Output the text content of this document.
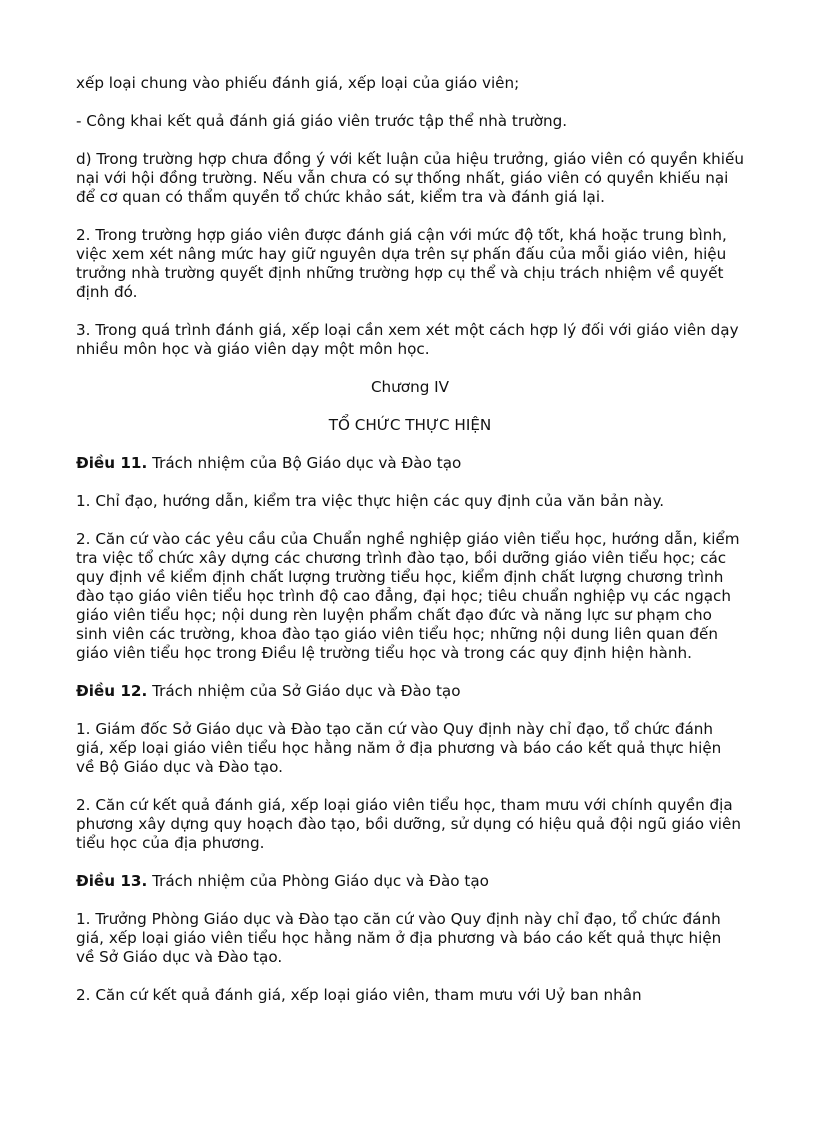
xếp loại chung vào phiếu đánh giá, xếp loại của giáo viên;

- Công khai kết quả đánh giá giáo viên trước tập thể nhà trường.

d) Trong trường hợp chưa đồng ý với kết luận của hiệu trưởng, giáo viên có quyền khiếu nại với hội đồng trường. Nếu vẫn chưa có sự thống nhất, giáo viên có quyền khiếu nại để cơ quan có thẩm quyền tổ chức khảo sát, kiểm tra và đánh giá lại.

2. Trong trường hợp giáo viên được đánh giá cận với mức độ tốt, khá hoặc trung bình, việc xem xét nâng mức hay giữ nguyên dựa trên sự phấn đấu của mỗi giáo viên, hiệu trưởng nhà trường quyết định những trường hợp cụ thể và chịu trách nhiệm về quyết định đó.

3. Trong quá trình đánh giá, xếp loại cần xem xét một cách hợp lý đối với giáo viên dạy nhiều môn học và giáo viên dạy một môn học.

Chương IV

TỔ CHỨC THỰC HIỆN

Điều 11. Trách nhiệm của Bộ Giáo dục và Đào tạo

1. Chỉ đạo, hướng dẫn, kiểm tra việc thực hiện các quy định của văn bản này.

2. Căn cứ vào các yêu cầu của Chuẩn nghề nghiệp giáo viên tiểu học, hướng dẫn, kiểm tra việc tổ chức xây dựng các chương trình đào tạo, bồi dưỡng giáo viên tiểu học; các quy định về kiểm định chất lượng trường tiểu học, kiểm định chất lượng chương trình đào tạo giáo viên tiểu học trình độ cao đẳng, đại học; tiêu chuẩn nghiệp vụ các ngạch giáo viên tiểu học; nội dung rèn luyện phẩm chất đạo đức và năng lực sư phạm cho sinh viên các trường, khoa đào tạo giáo viên tiểu học; những nội dung liên quan đến giáo viên tiểu học trong Điều lệ trường tiểu học và trong các quy định hiện hành.

Điều 12. Trách nhiệm của Sở Giáo dục và Đào tạo

1. Giám đốc Sở Giáo dục và Đào tạo căn cứ vào Quy định này chỉ đạo, tổ chức đánh giá, xếp loại giáo viên tiểu học hằng năm ở địa phương và báo cáo kết quả thực hiện về Bộ Giáo dục và Đào tạo.

2. Căn cứ kết quả đánh giá, xếp loại giáo viên tiểu học, tham mưu với chính quyền địa phương xây dựng quy hoạch đào tạo, bồi dưỡng, sử dụng có hiệu quả đội ngũ giáo viên tiểu học của địa phương.

Điều 13. Trách nhiệm của Phòng Giáo dục và Đào tạo

1. Trưởng Phòng Giáo dục và Đào tạo căn cứ vào Quy định này chỉ đạo, tổ chức đánh giá, xếp loại giáo viên tiểu học hằng năm ở địa phương và báo cáo kết quả thực hiện về Sở Giáo dục và Đào tạo.

2. Căn cứ kết quả đánh giá, xếp loại giáo viên, tham mưu với Uỷ ban nhân
